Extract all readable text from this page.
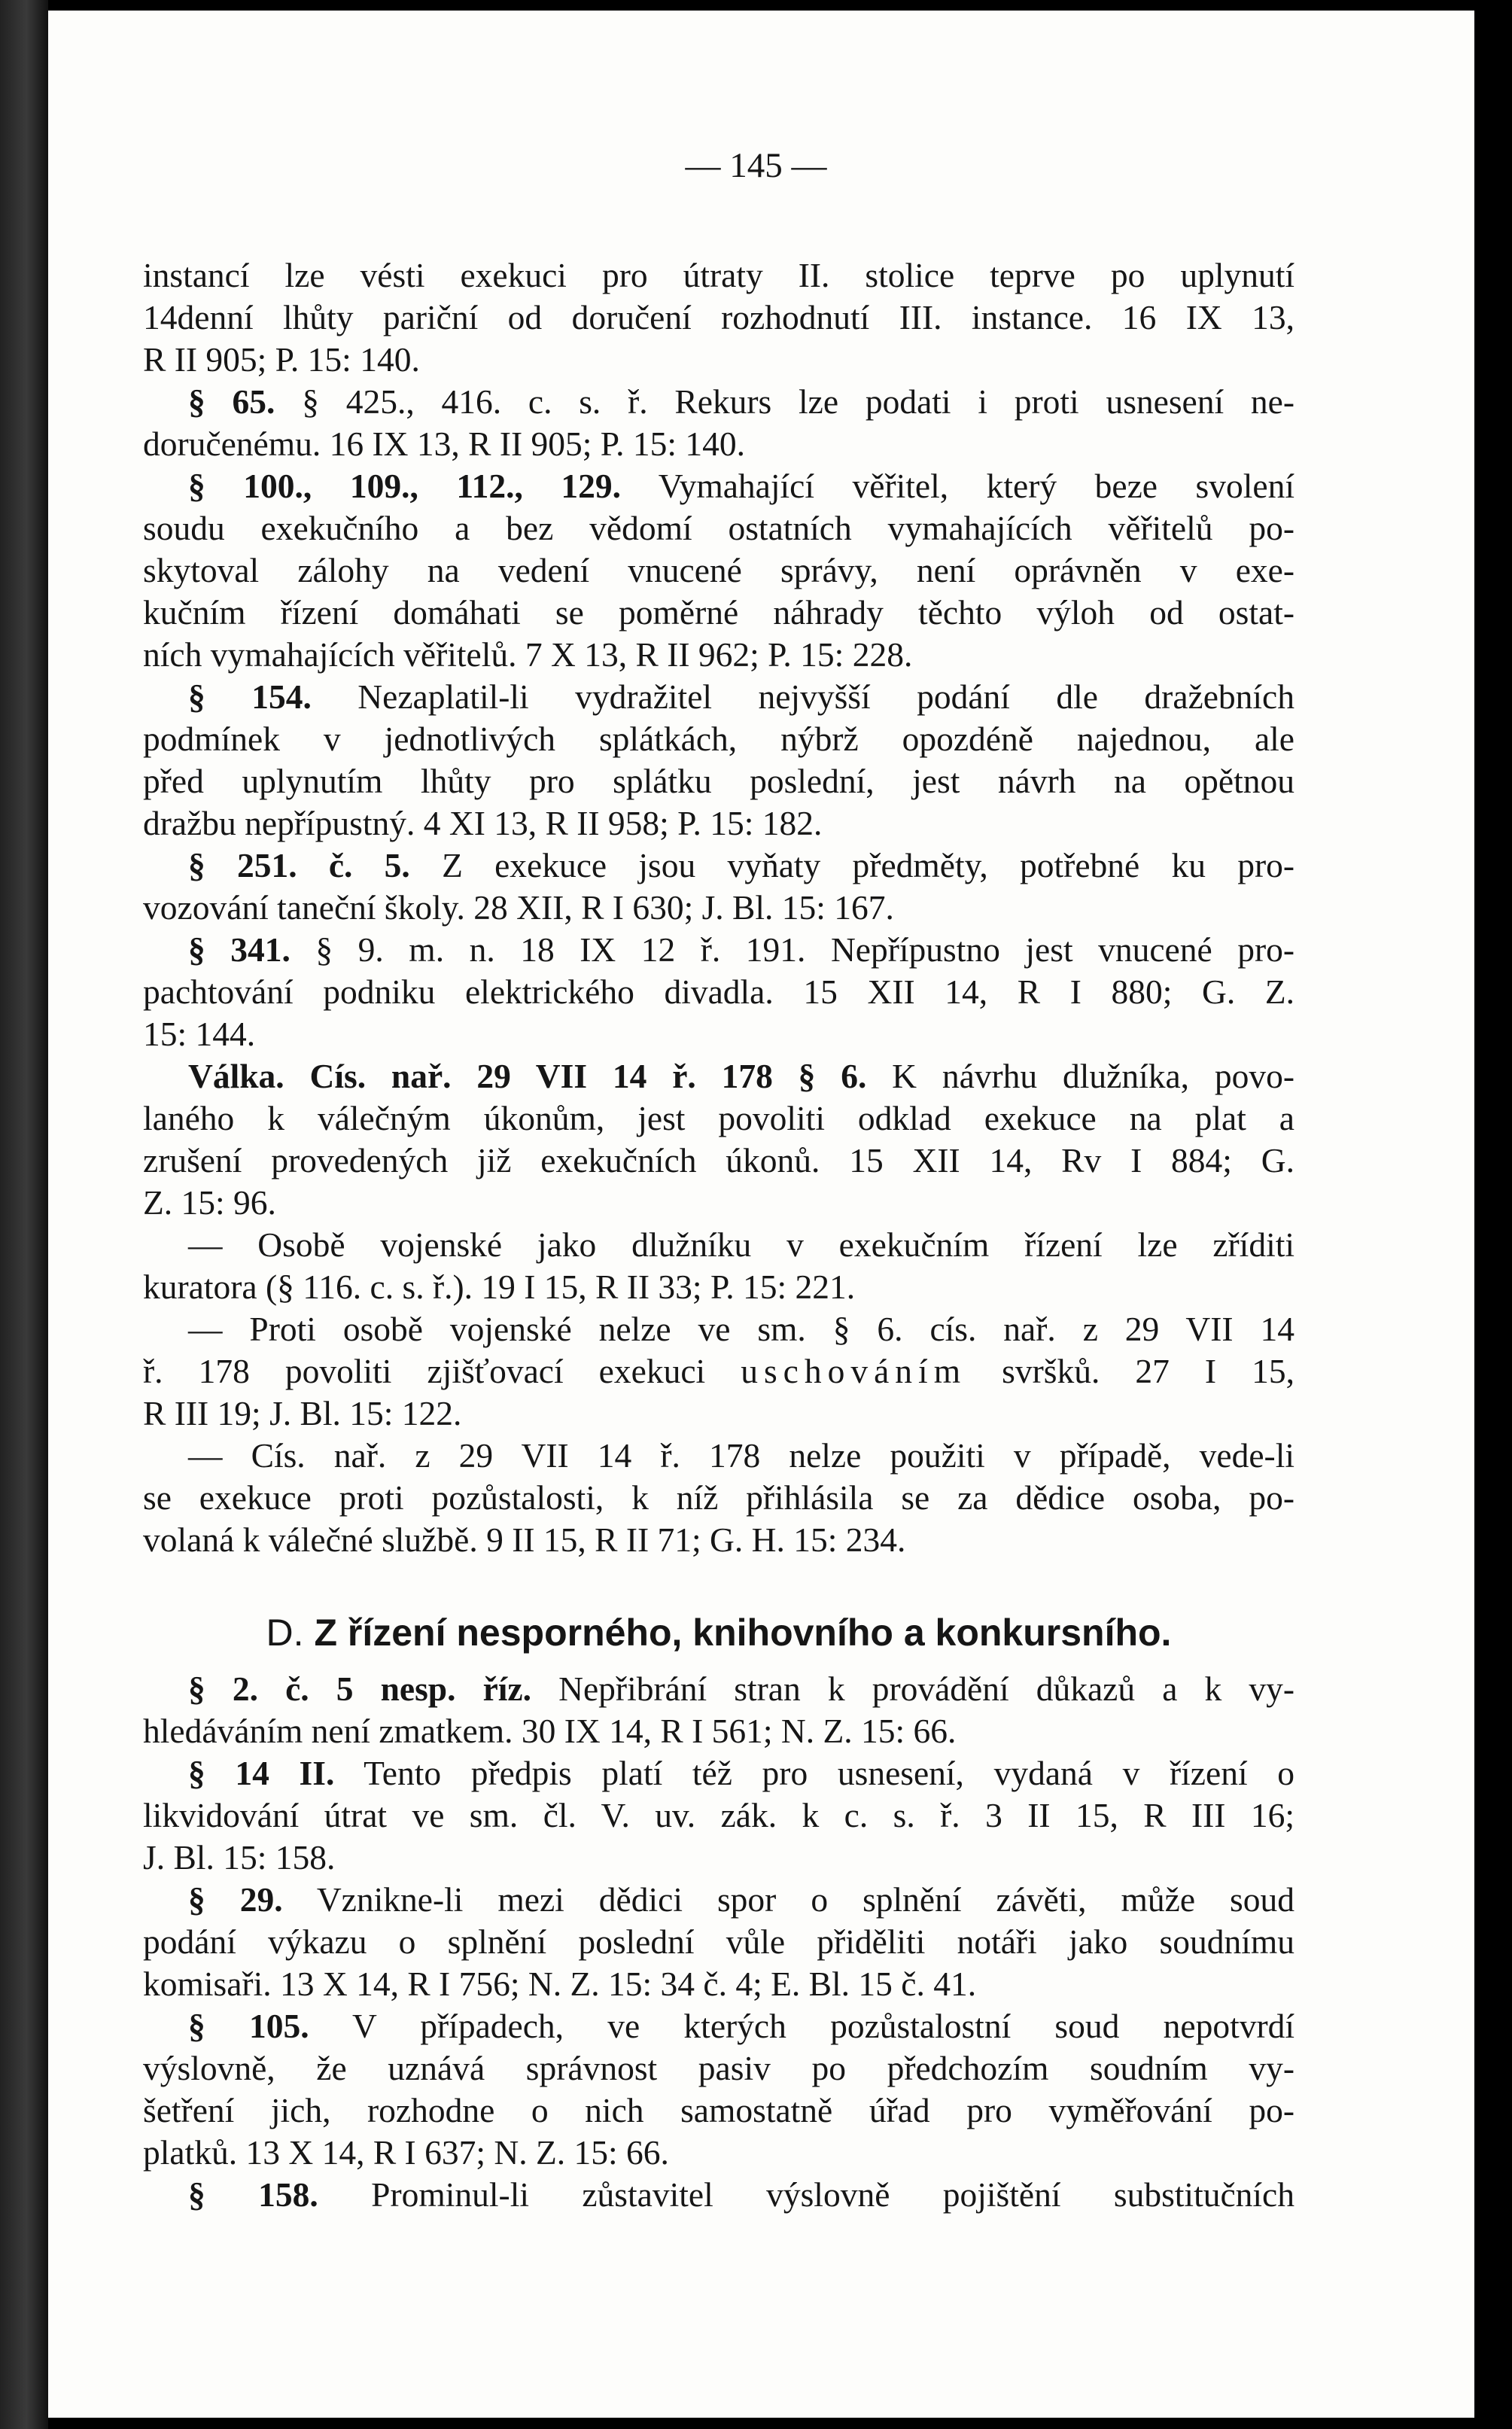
— 145 —
instancí lze vésti exekuci pro útraty II. stolice teprve po uplynutí
14denní lhůty pariční od doručení rozhodnutí III. instance. 16 IX 13,
R II 905; P. 15: 140.
§ 65. § 425., 416. c. s. ř. Rekurs lze podati i proti usnesení ne-
doručenému. 16 IX 13, R II 905; P. 15: 140.
§ 100., 109., 112., 129. Vymahající věřitel, který beze svolení
soudu exekučního a bez vědomí ostatních vymahajících věřitelů po-
skytoval zálohy na vedení vnucené správy, není oprávněn v exe-
kučním řízení domáhati se poměrné náhrady těchto výloh od ostat-
ních vymahajících věřitelů. 7 X 13, R II 962; P. 15: 228.
§ 154. Nezaplatil-li vydražitel nejvyšší podání dle dražebních
podmínek v jednotlivých splátkách, nýbrž opozdéně najednou, ale
před uplynutím lhůty pro splátku poslední, jest návrh na opětnou
dražbu nepřípustný. 4 XI 13, R II 958; P. 15: 182.
§ 251. č. 5. Z exekuce jsou vyňaty předměty, potřebné ku pro-
vozování taneční školy. 28 XII, R I 630; J. Bl. 15: 167.
§ 341. § 9. m. n. 18 IX 12 ř. 191. Nepřípustno jest vnucené pro-
pachtování podniku elektrického divadla. 15 XII 14, R I 880; G. Z.
15: 144.
Válka. Cís. nař. 29 VII 14 ř. 178 § 6. K návrhu dlužníka, povo-
laného k válečným úkonům, jest povoliti odklad exekuce na plat a
zrušení provedených již exekučních úkonů. 15 XII 14, Rv I 884; G.
Z. 15: 96.
— Osobě vojenské jako dlužníku v exekučním řízení lze zříditi
kuratora (§ 116. c. s. ř.). 19 I 15, R II 33; P. 15: 221.
— Proti osobě vojenské nelze ve sm. § 6. cís. nař. z 29 VII 14
ř. 178 povoliti zjišťovací exekuci uschováním svršků. 27 I 15,
R III 19; J. Bl. 15: 122.
— Cís. nař. z 29 VII 14 ř. 178 nelze použiti v případě, vede-li
se exekuce proti pozůstalosti, k níž přihlásila se za dědice osoba, po-
volaná k válečné službě. 9 II 15, R II 71; G. H. 15: 234.
D. Z řízení nesporného, knihovního a konkursního.
§ 2. č. 5 nesp. říz. Nepřibrání stran k provádění důkazů a k vy-
hledáváním není zmatkem. 30 IX 14, R I 561; N. Z. 15: 66.
§ 14 II. Tento předpis platí též pro usnesení, vydaná v řízení o
likvidování útrat ve sm. čl. V. uv. zák. k c. s. ř. 3 II 15, R III 16;
J. Bl. 15: 158.
§ 29. Vznikne-li mezi dědici spor o splnění závěti, může soud
podání výkazu o splnění poslední vůle přiděliti notáři jako soudnímu
komisaři. 13 X 14, R I 756; N. Z. 15: 34 č. 4; E. Bl. 15 č. 41.
§ 105. V případech, ve kterých pozůstalostní soud nepotvrdí
výslovně, že uznává správnost pasiv po předchozím soudním vy-
šetření jich, rozhodne o nich samostatně úřad pro vyměřování po-
platků. 13 X 14, R I 637; N. Z. 15: 66.
§ 158. Prominul-li zůstavitel výslovně pojištění substitučních
